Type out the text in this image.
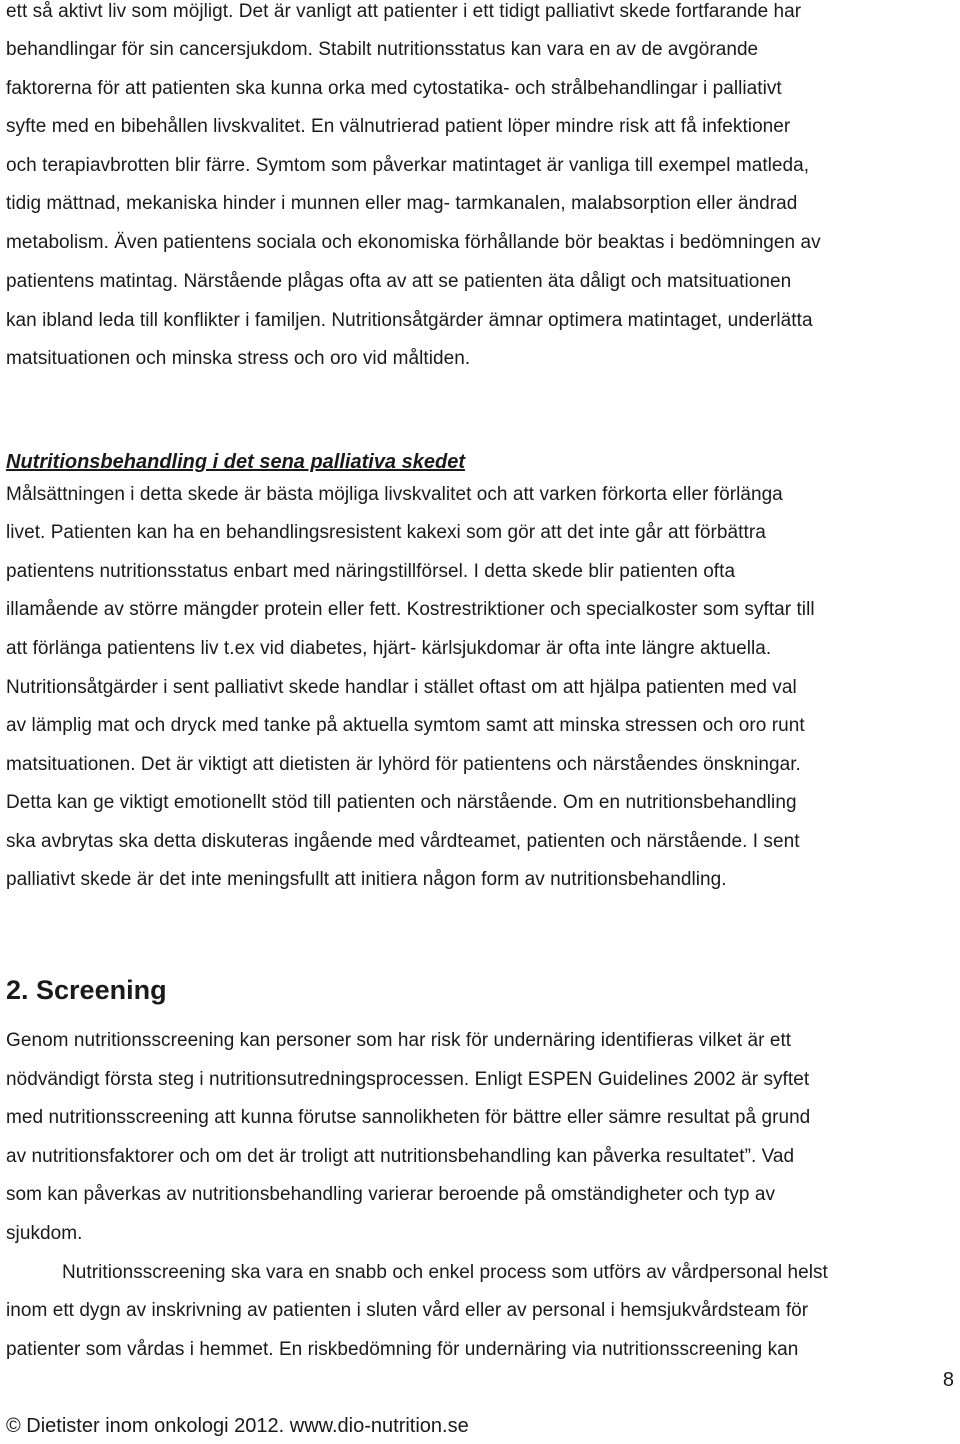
ett så aktivt liv som möjligt. Det är vanligt att patienter i ett tidigt palliativt skede fortfarande har
behandlingar för sin cancersjukdom. Stabilt nutritionsstatus kan vara en av de avgörande
faktorerna för att patienten ska kunna orka med cytostatika- och strålbehandlingar i palliativt
syfte med en bibehållen livskvalitet. En välnutrierad patient löper mindre risk att få infektioner
och terapiavbrotten blir färre. Symtom som påverkar matintaget är vanliga till exempel matleda,
tidig mättnad, mekaniska hinder i munnen eller mag- tarmkanalen, malabsorption eller ändrad
metabolism. Även patientens sociala och ekonomiska förhållande bör beaktas i bedömningen av
patientens matintag. Närstående plågas ofta av att se patienten äta dåligt och matsituationen
kan ibland leda till konflikter i familjen. Nutritionsåtgärder ämnar optimera matintaget, underlätta
matsituationen och minska stress och oro vid måltiden.
Nutritionsbehandling i det sena palliativa skedet
Målsättningen i detta skede är bästa möjliga livskvalitet och att varken förkorta eller förlänga
livet. Patienten kan ha en behandlingsresistent kakexi som gör att det inte går att förbättra
patientens nutritionsstatus enbart med näringstillförsel. I detta skede blir patienten ofta
illamående av större mängder protein eller fett. Kostrestriktioner och specialkoster som syftar till
att förlänga patientens liv t.ex vid diabetes, hjärt- kärlsjukdomar är ofta inte längre aktuella.
Nutritionsåtgärder i sent palliativt skede handlar i stället oftast om att hjälpa patienten med val
av lämplig mat och dryck med tanke på aktuella symtom samt att minska stressen och oro runt
matsituationen. Det är viktigt att dietisten är lyhörd för patientens och närståendes önskningar.
Detta kan ge viktigt emotionellt stöd till patienten och närstående. Om en nutritionsbehandling
ska avbrytas ska detta diskuteras ingående med vårdteamet, patienten och närstående. I sent
palliativt skede är det inte meningsfullt att initiera någon form av nutritionsbehandling.
2. Screening
Genom nutritionsscreening kan personer som har risk för undernäring identifieras vilket är ett
nödvändigt första steg i nutritionsutredningsprocessen. Enligt ESPEN Guidelines 2002 är syftet
med nutritionsscreening att kunna förutse sannolikheten för bättre eller sämre resultat på grund
av nutritionsfaktorer och om det är troligt att nutritionsbehandling kan påverka resultatet”. Vad
som kan påverkas av nutritionsbehandling varierar beroende på omständigheter och typ av
sjukdom.
Nutritionsscreening ska vara en snabb och enkel process som utförs av vårdpersonal helst
inom ett dygn av inskrivning av patienten i sluten vård eller av personal i hemsjukvårdsteam för
patienter som vårdas i hemmet. En riskbedömning för undernäring via nutritionsscreening kan
8
© Dietister inom onkologi 2012. www.dio-nutrition.se
